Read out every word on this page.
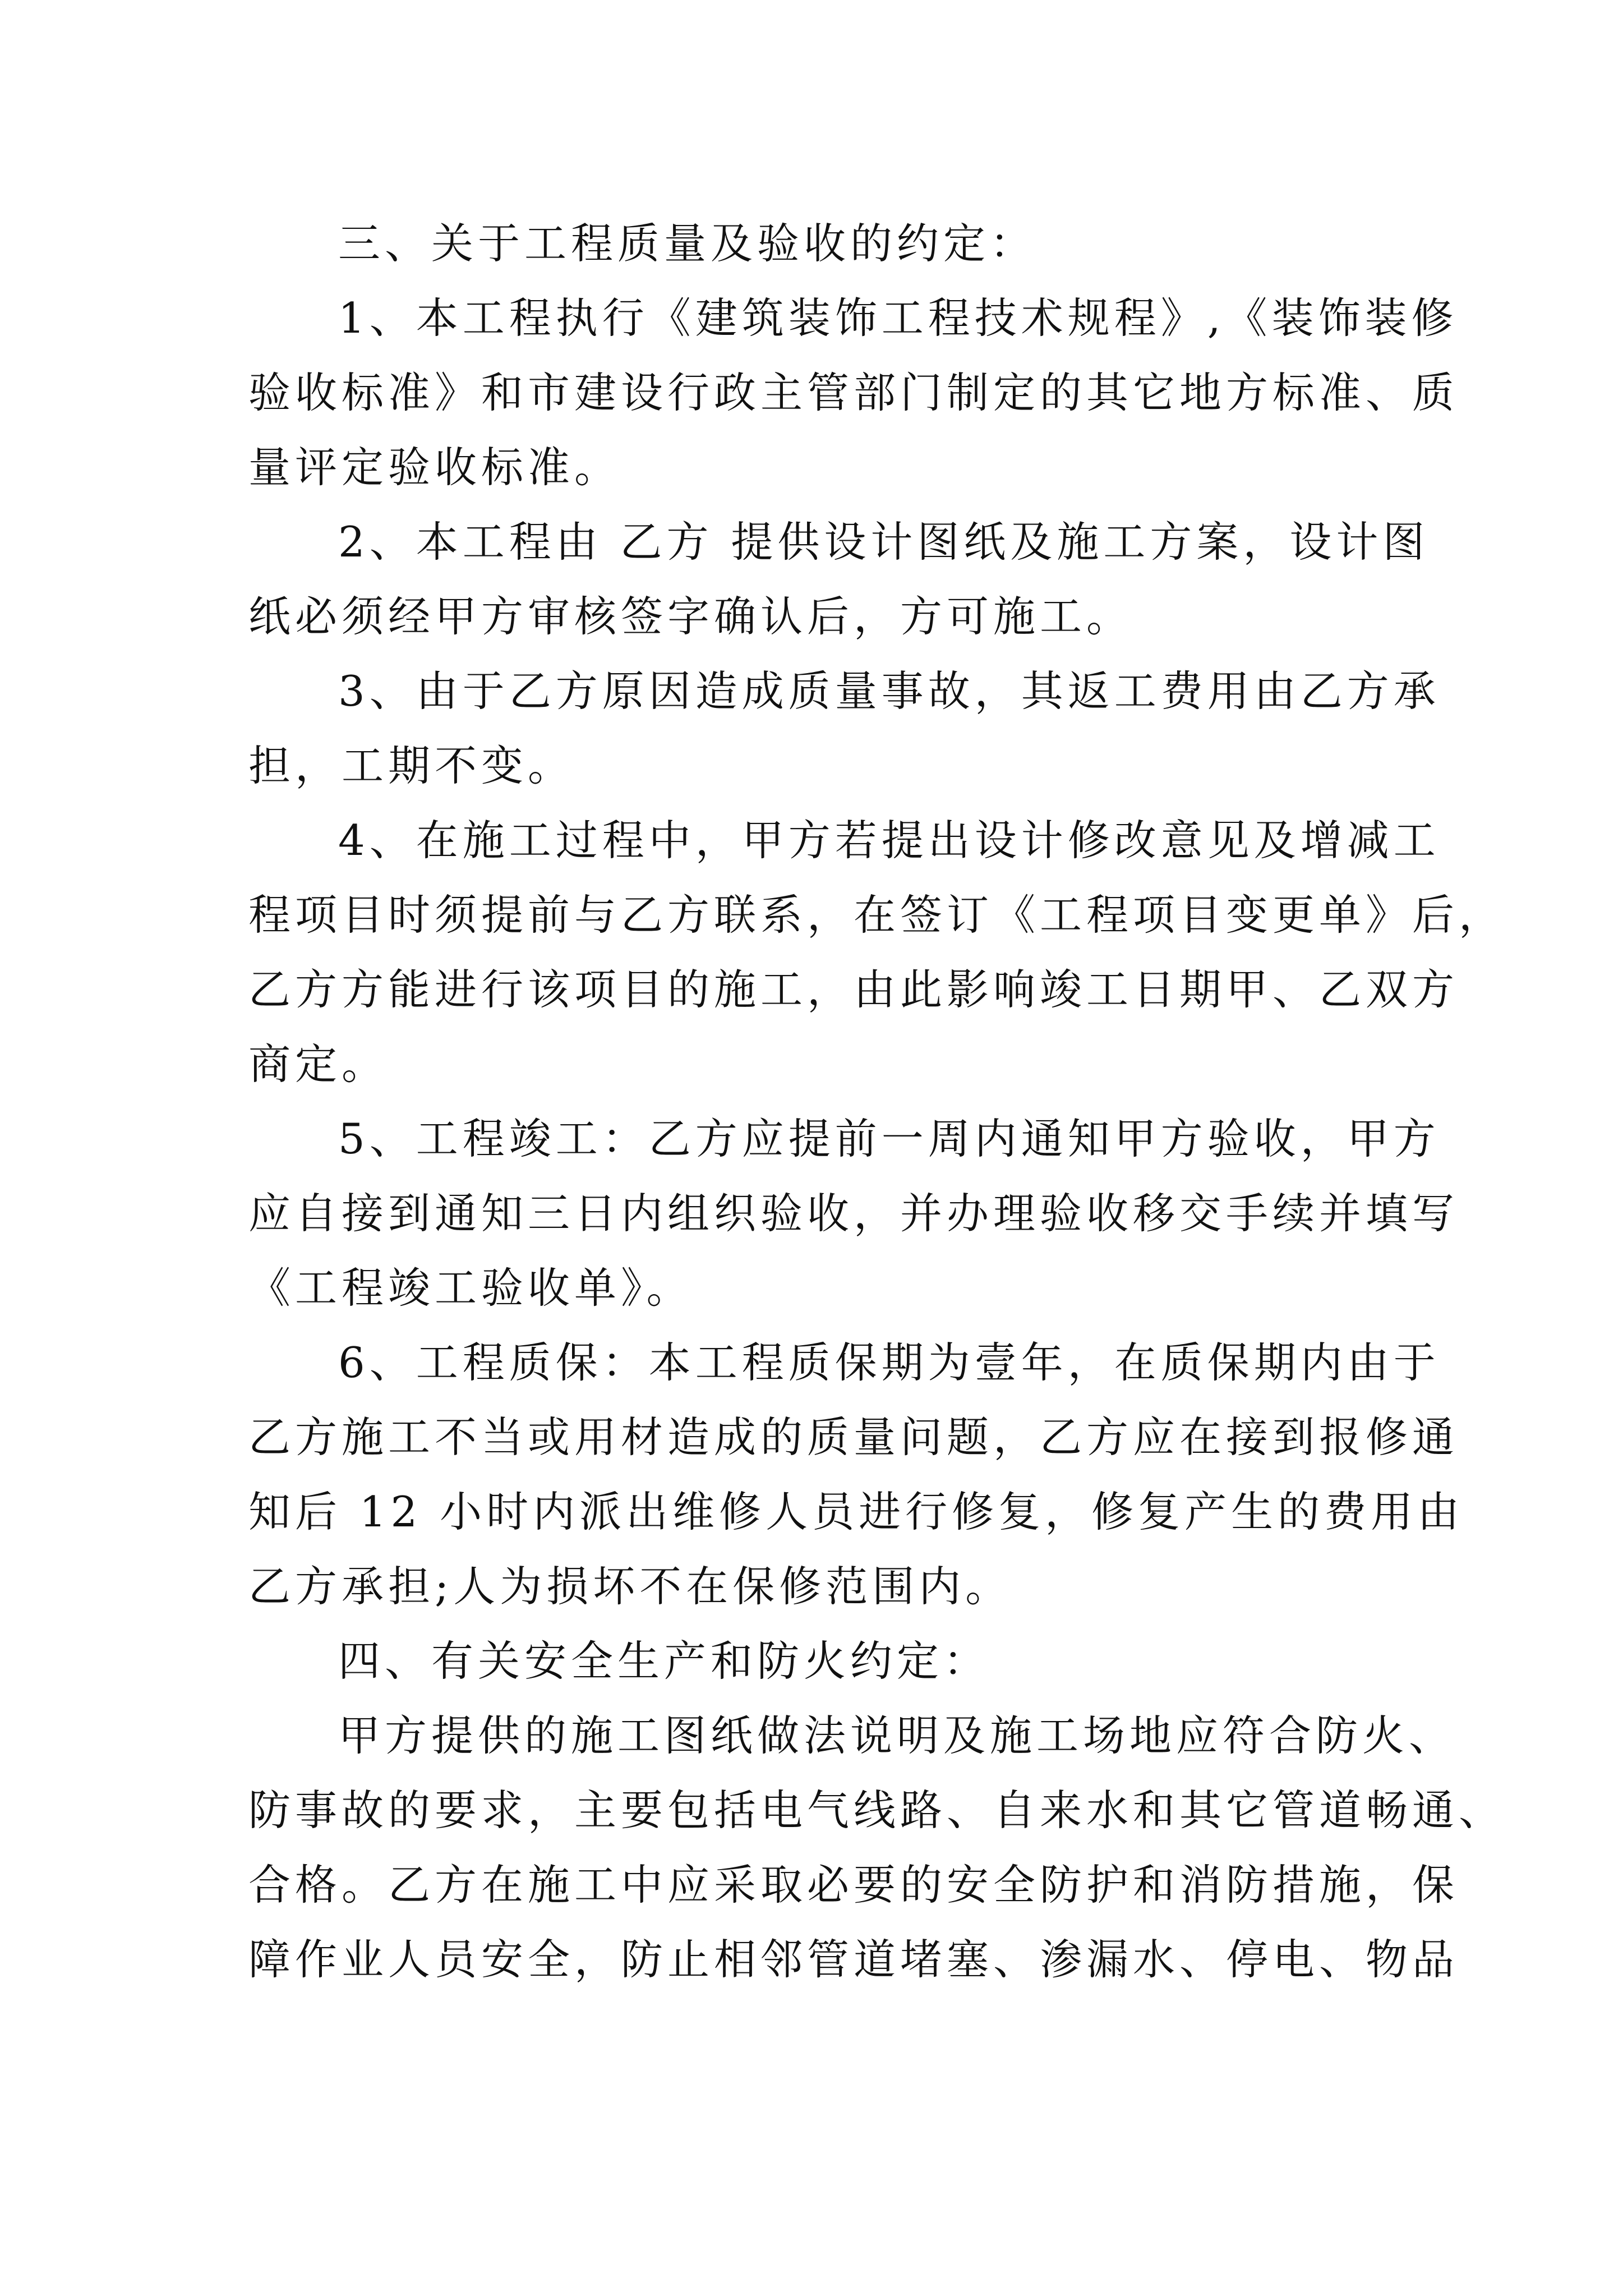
三、关于工程质量及验收的约定：
1、本工程执行《建筑装饰工程技术规程》,《装饰装修
验收标准》和市建设行政主管部门制定的其它地方标准、质
量评定验收标准。
2、本工程由 乙方 提供设计图纸及施工方案，设计图
纸必须经甲方审核签字确认后，方可施工。
3、由于乙方原因造成质量事故，其返工费用由乙方承
担，工期不变。
4、在施工过程中，甲方若提出设计修改意见及增减工
程项目时须提前与乙方联系，在签订《工程项目变更单》后，
乙方方能进行该项目的施工，由此影响竣工日期甲、乙双方
商定。
5、工程竣工：乙方应提前一周内通知甲方验收，甲方
应自接到通知三日内组织验收，并办理验收移交手续并填写
《工程竣工验收单》。
6、工程质保：本工程质保期为壹年，在质保期内由于
乙方施工不当或用材造成的质量问题，乙方应在接到报修通
知后 12 小时内派出维修人员进行修复，修复产生的费用由
乙方承担;人为损坏不在保修范围内。
四、有关安全生产和防火约定：
甲方提供的施工图纸做法说明及施工场地应符合防火、
防事故的要求，主要包括电气线路、自来水和其它管道畅通、
合格。乙方在施工中应采取必要的安全防护和消防措施，保
障作业人员安全，防止相邻管道堵塞、渗漏水、停电、物品
